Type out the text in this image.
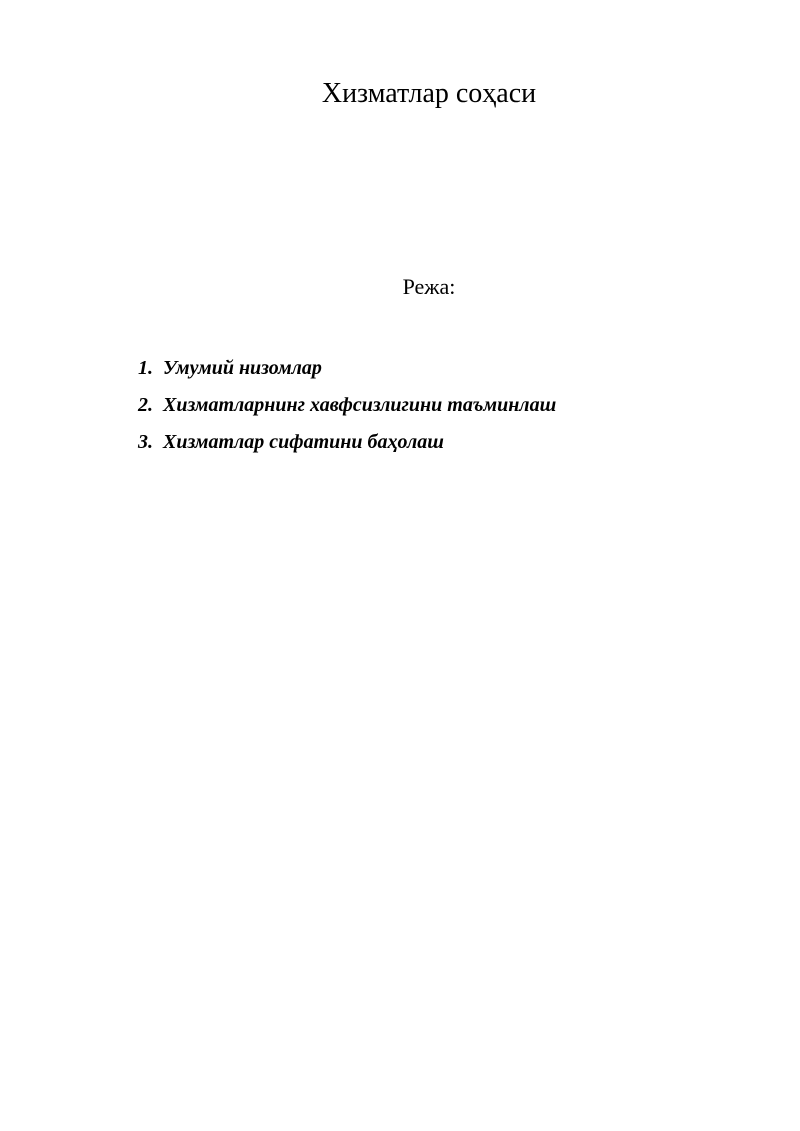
Хизматлар соҳаси
Режа:
1. Умумий низомлар
2. Хизматларнинг хавфсизлигини таъминлаш
3. Хизматлар сифатини баҳолаш
